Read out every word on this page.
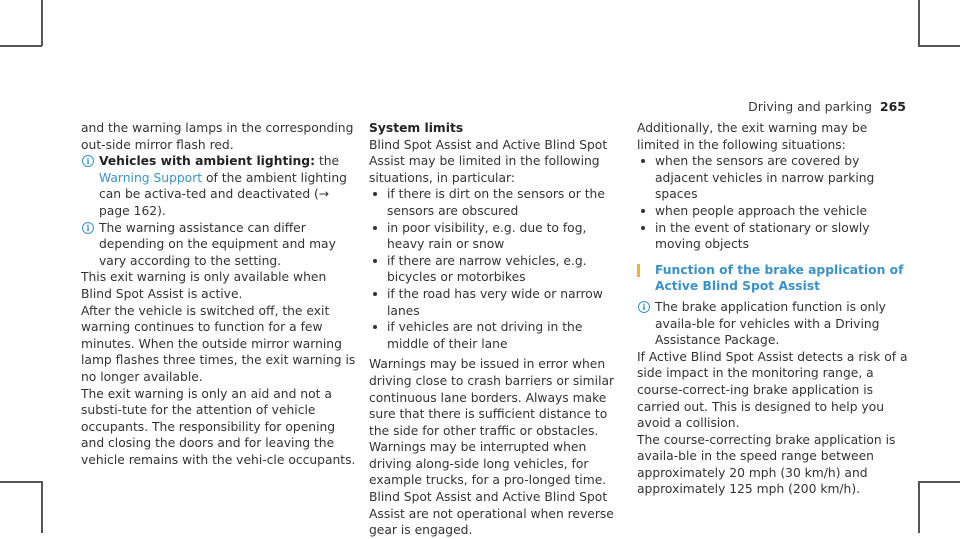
Driving and parking 265

and the warning lamps in the corresponding out-side mirror flash red.

i Vehicles with ambient lighting: the Warning Support of the ambient lighting can be activa-ted and deactivated (→ page 162).
i The warning assistance can differ depending on the equipment and may vary according to the setting.

This exit warning is only available when Blind Spot Assist is active.

After the vehicle is switched off, the exit warning continues to function for a few minutes. When the outside mirror warning lamp flashes three times, the exit warning is no longer available.

The exit warning is only an aid and not a substi-tute for the attention of vehicle occupants. The responsibility for opening and closing the doors and for leaving the vehicle remains with the vehi-cle occupants.

System limits

Blind Spot Assist and Active Blind Spot Assist may be limited in the following situations, in particular:

if there is dirt on the sensors or the sensors are obscured
in poor visibility, e.g. due to fog, heavy rain or snow
if there are narrow vehicles, e.g. bicycles or motorbikes
if the road has very wide or narrow lanes
if vehicles are not driving in the middle of their lane

Warnings may be issued in error when driving close to crash barriers or similar continuous lane borders. Always make sure that there is sufficient distance to the side for other traffic or obstacles.

Warnings may be interrupted when driving along-side long vehicles, for example trucks, for a pro-longed time.

Blind Spot Assist and Active Blind Spot Assist are not operational when reverse gear is engaged.

Additionally, the exit warning may be limited in the following situations:

when the sensors are covered by adjacent vehicles in narrow parking spaces
when people approach the vehicle
in the event of stationary or slowly moving objects
Function of the brake application of Active Blind Spot Assist
i The brake application function is only availa-ble for vehicles with a Driving Assistance Package.

If Active Blind Spot Assist detects a risk of a side impact in the monitoring range, a course-correct-ing brake application is carried out. This is designed to help you avoid a collision.

The course-correcting brake application is availa-ble in the speed range between approximately 20 mph (30 km/h) and approximately 125 mph (200 km/h).
